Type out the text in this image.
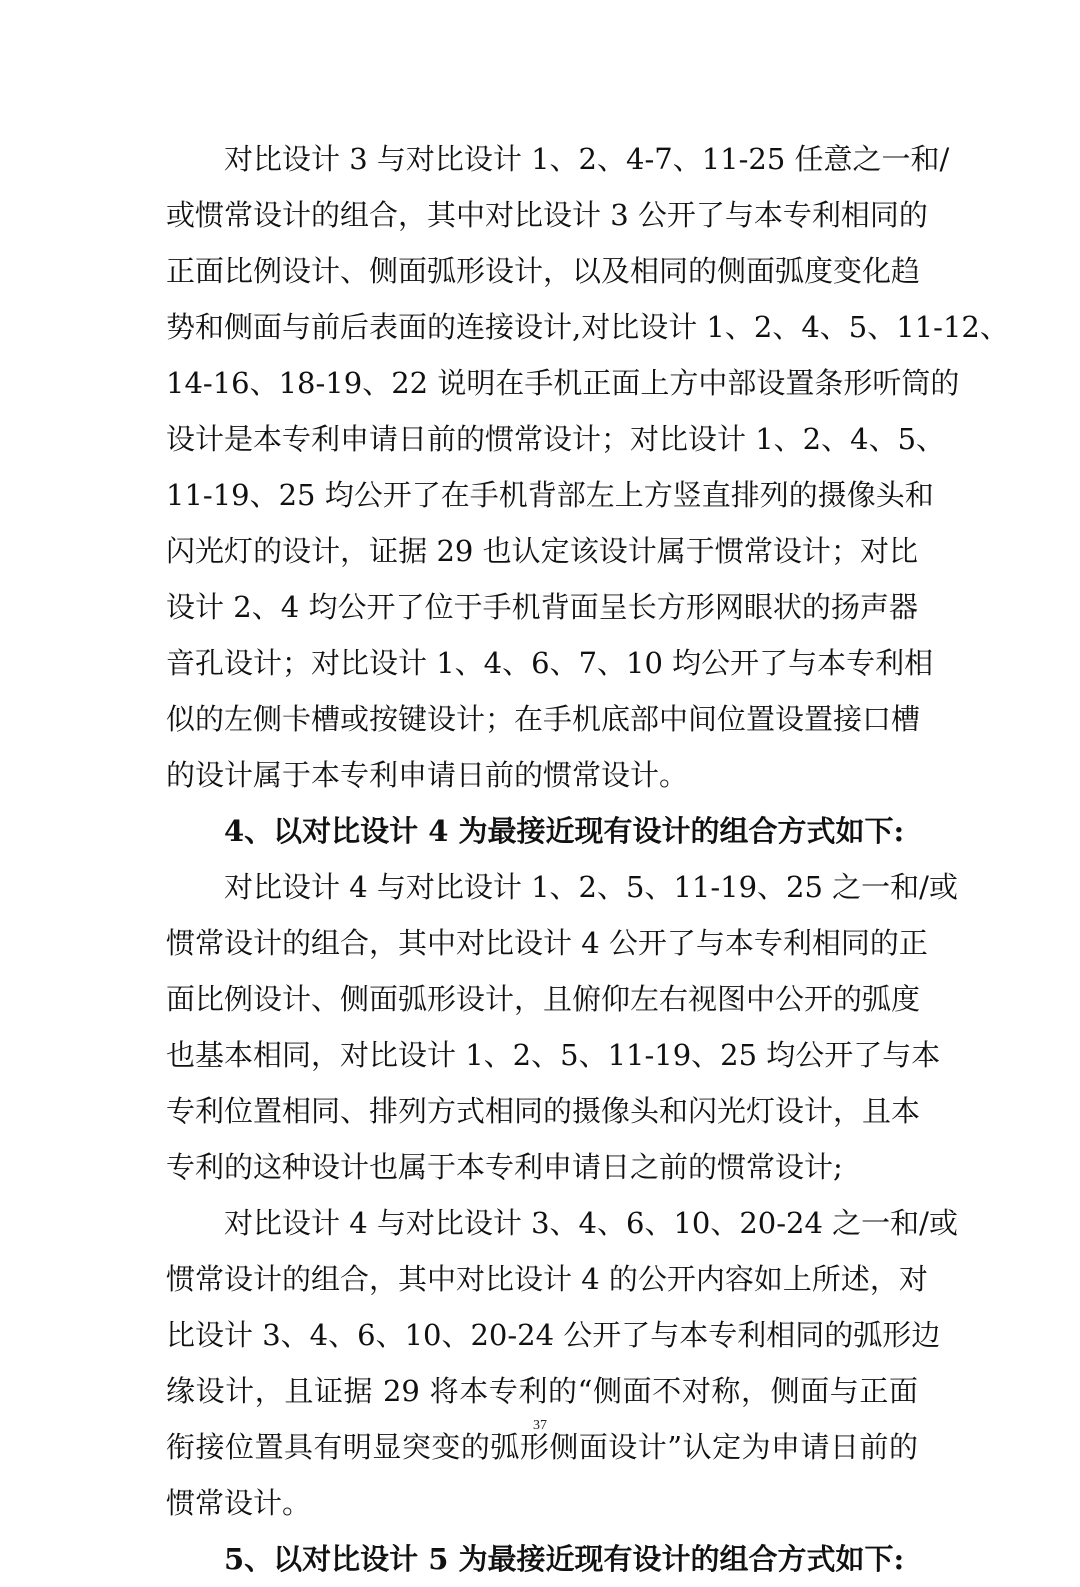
对比设计 3 与对比设计 1、2、4-7、11-25 任意之一和/
或惯常设计的组合，其中对比设计 3 公开了与本专利相同的
正面比例设计、侧面弧形设计，以及相同的侧面弧度变化趋
势和侧面与前后表面的连接设计,对比设计 1、2、4、5、11-12、
14-16、18-19、22 说明在手机正面上方中部设置条形听筒的
设计是本专利申请日前的惯常设计；对比设计 1、2、4、5、
11-19、25 均公开了在手机背部左上方竖直排列的摄像头和
闪光灯的设计，证据 29 也认定该设计属于惯常设计；对比
设计 2、4 均公开了位于手机背面呈长方形网眼状的扬声器
音孔设计；对比设计 1、4、6、7、10 均公开了与本专利相
似的左侧卡槽或按键设计；在手机底部中间位置设置接口槽
的设计属于本专利申请日前的惯常设计。
4、以对比设计 4 为最接近现有设计的组合方式如下:
对比设计 4 与对比设计 1、2、5、11-19、25 之一和/或
惯常设计的组合，其中对比设计 4 公开了与本专利相同的正
面比例设计、侧面弧形设计，且俯仰左右视图中公开的弧度
也基本相同，对比设计 1、2、5、11-19、25 均公开了与本
专利位置相同、排列方式相同的摄像头和闪光灯设计，且本
专利的这种设计也属于本专利申请日之前的惯常设计;
对比设计 4 与对比设计 3、4、6、10、20-24 之一和/或
惯常设计的组合，其中对比设计 4 的公开内容如上所述，对
比设计 3、4、6、10、20-24 公开了与本专利相同的弧形边
缘设计，且证据 29 将本专利的“侧面不对称，侧面与正面
衔接位置具有明显突变的弧形侧面设计”认定为申请日前的
惯常设计。
5、以对比设计 5 为最接近现有设计的组合方式如下:
37
